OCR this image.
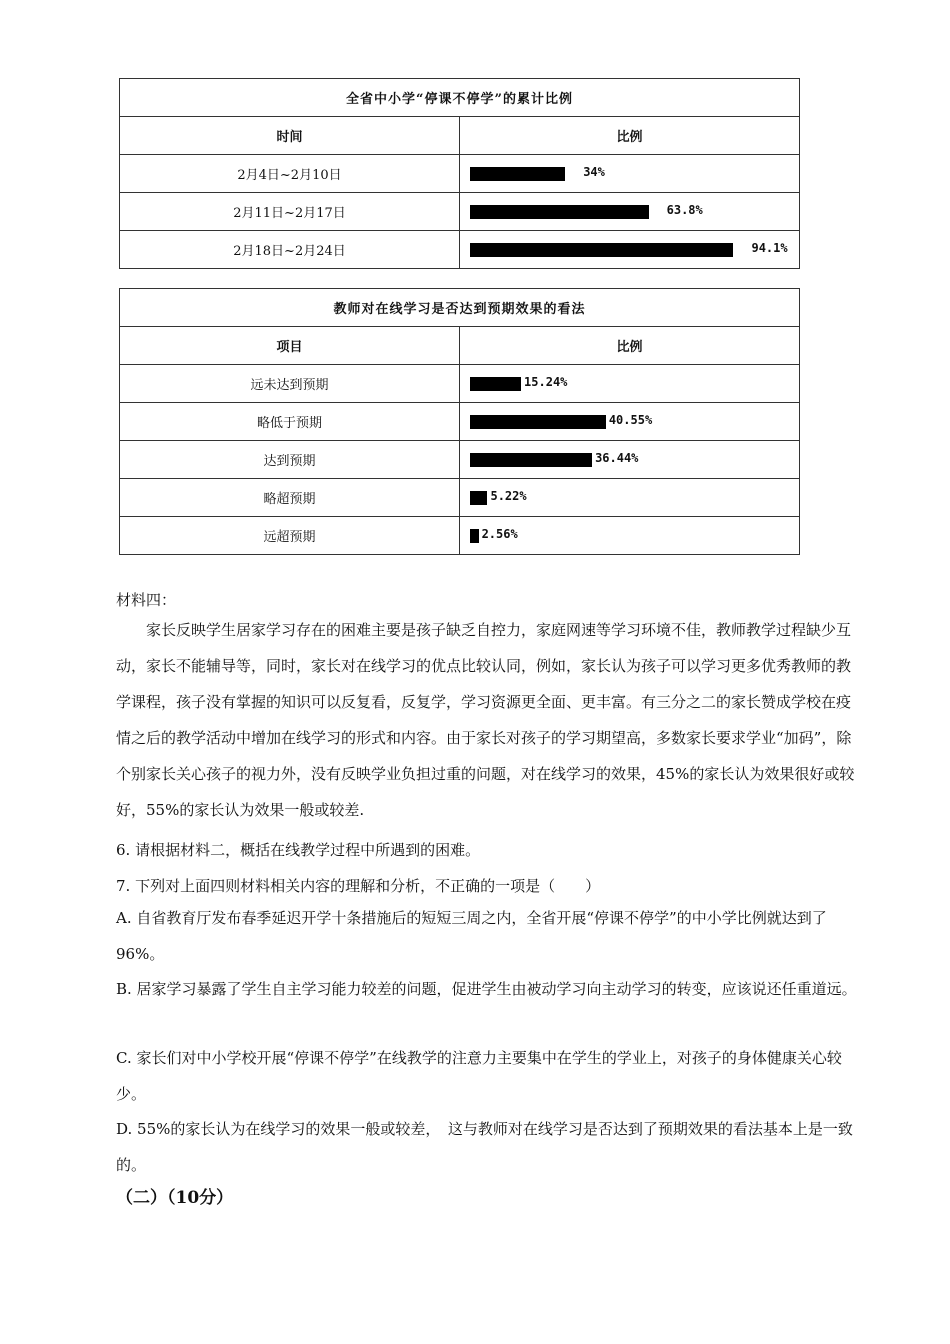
全省中小学“停课不停学”的累计比例	
时间	比例
2月4日~2月10日	34%

2月11日~2月17日	63.8%

2月18日~2月24日	94.1%
教师对在线学习是否达到预期效果的看法	
项目	比例
远未达到预期	15.24%

略低于预期	40.55%

达到预期	36.44%

略超预期	5.22%

远超预期	2.56%
材料四：
家长反映学生居家学习存在的困难主要是孩子缺乏自控力，家庭网速等学习环境不佳，教师教学过程缺少互动，家长不能辅导等，同时，家长对在线学习的优点比较认同，例如，家长认为孩子可以学习更多优秀教师的教学课程，孩子没有掌握的知识可以反复看，反复学，学习资源更全面、更丰富。有三分之二的家长赞成学校在疫情之后的教学活动中增加在线学习的形式和内容。由于家长对孩子的学习期望高，多数家长要求学业“加码”，除个别家长关心孩子的视力外，没有反映学业负担过重的问题，对在线学习的效果，45%的家长认为效果很好或较好，55%的家长认为效果一般或较差.
6. 请根据材料二，概括在线教学过程中所遇到的困难。
7. 下列对上面四则材料相关内容的理解和分析，不正确的一项是（　　）
A. 自省教育厅发布春季延迟开学十条措施后的短短三周之内，全省开展“停课不停学”的中小学比例就达到了96%。
B. 居家学习暴露了学生自主学习能力较差的问题，促进学生由被动学习向主动学习的转变，应该说还任重道远。
C. 家长们对中小学校开展“停课不停学”在线教学的注意力主要集中在学生的学业上，对孩子的身体健康关心较少。
D. 55%的家长认为在线学习的效果一般或较差，　这与教师对在线学习是否达到了预期效果的看法基本上是一致的。
（二）（10分）
